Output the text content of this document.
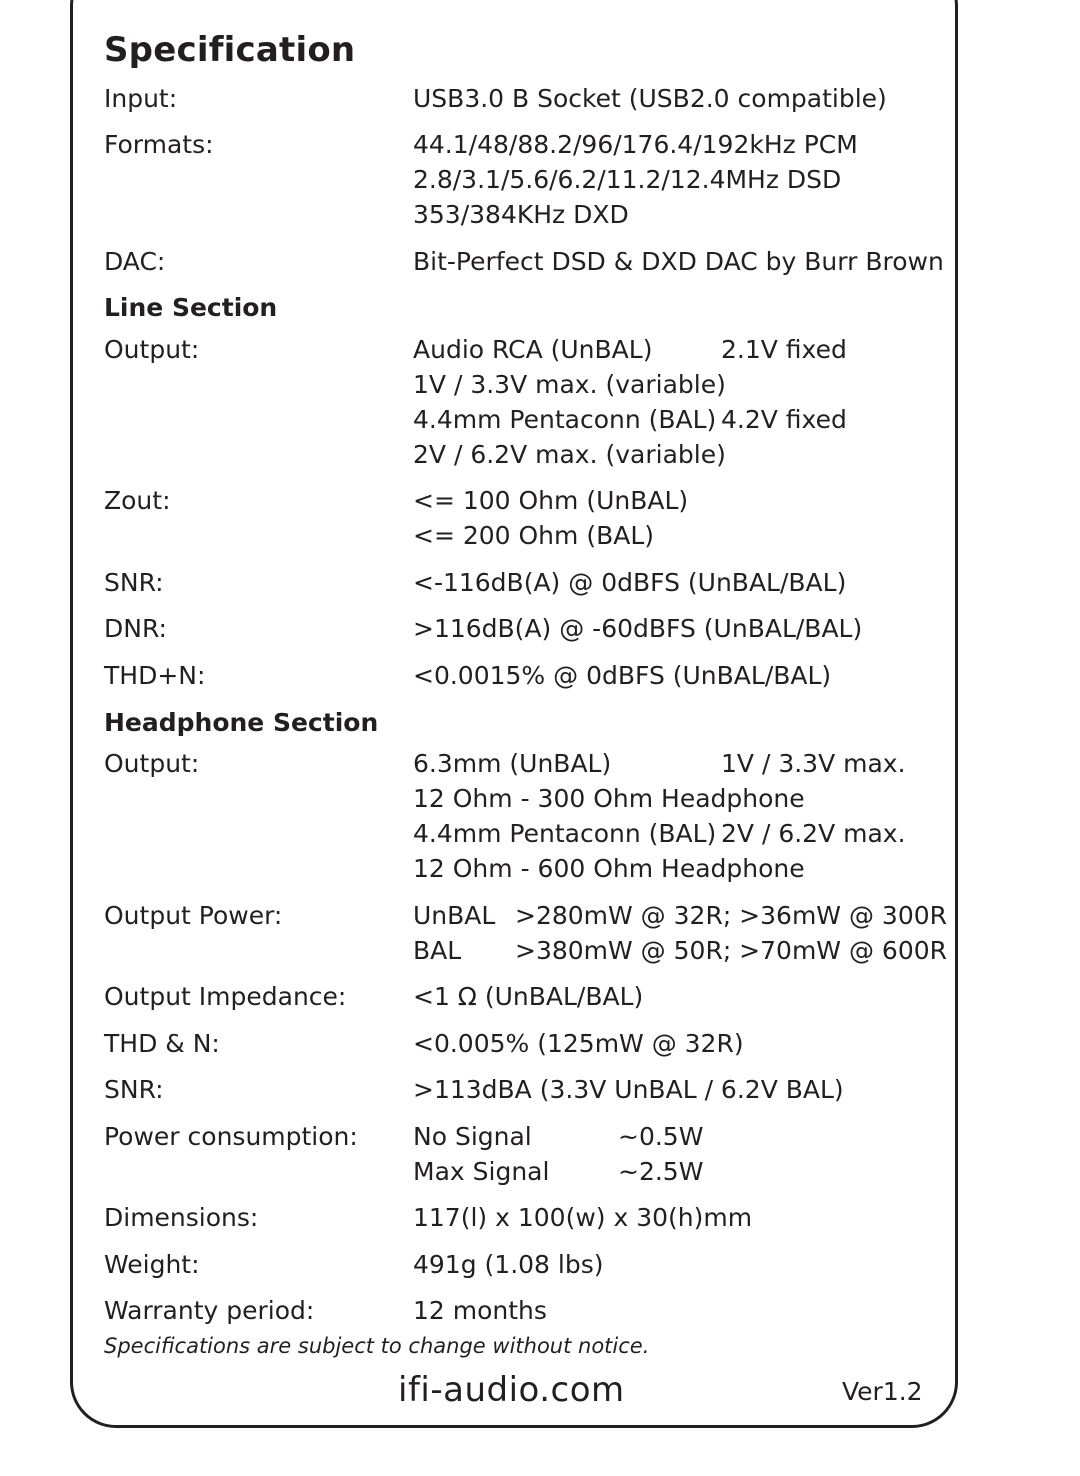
Specification
Input:	USB3.0 B Socket (USB2.0 compatible)
Formats:	44.1/48/88.2/96/176.4/192kHz PCM
2.8/3.1/5.6/6.2/11.2/12.4MHz DSD
353/384KHz DXD
DAC:	Bit-Perfect DSD & DXD DAC by Burr Brown
Line Section
Output:	Audio RCA (UnBAL)	2.1V fixed
1V / 3.3V max. (variable)
4.4mm Pentaconn (BAL) 4.2V fixed
2V / 6.2V max. (variable)
Zout:	<= 100 Ohm (UnBAL)
<= 200 Ohm (BAL)
SNR:	<-116dB(A) @ 0dBFS (UnBAL/BAL)
DNR:	>116dB(A) @ -60dBFS (UnBAL/BAL)
THD+N:	<0.0015% @ 0dBFS (UnBAL/BAL)
Headphone Section
Output:	6.3mm (UnBAL)	1V / 3.3V max.
12 Ohm - 300 Ohm Headphone
4.4mm Pentaconn (BAL) 2V / 6.2V max.
12 Ohm - 600 Ohm Headphone
Output Power:	UnBAL >280mW @ 32R; >36mW @ 300R
BAL >380mW @ 50R; >70mW @ 600R
Output Impedance:	<1 Ω (UnBAL/BAL)
THD & N:	<0.005% (125mW @ 32R)
SNR:	>113dBA (3.3V UnBAL / 6.2V BAL)
Power consumption: No Signal	~0.5W
Max Signal	~2.5W
Dimensions:	117(l) x 100(w) x 30(h)mm
Weight:	491g (1.08 lbs)
Warranty period:	12 months
Specifications are subject to change without notice.
ifi-audio.com	Ver1.2
